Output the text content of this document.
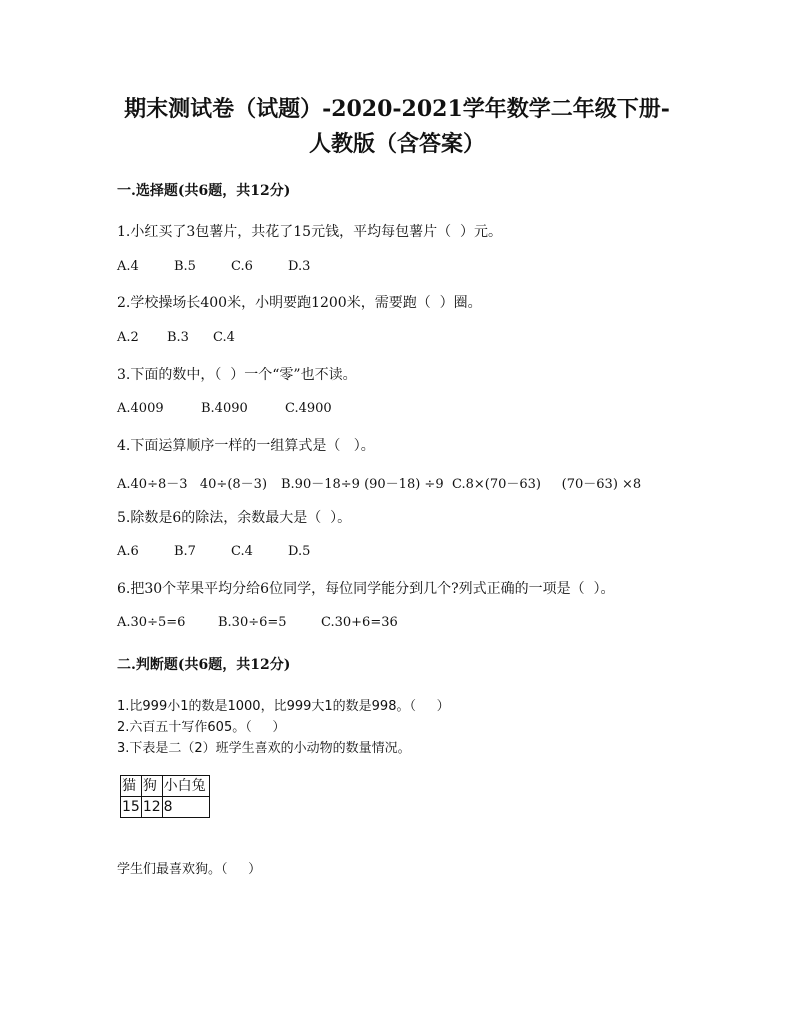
期末测试卷（试题）-2020-2021学年数学二年级下册-
人教版（含答案）
一.选择题(共6题，共12分)
1.小红买了3包薯片，共花了15元钱，平均每包薯片（  ）元。
A.4	B.5	C.6	D.3
2.学校操场长400米，小明要跑1200米，需要跑（  ）圈。
A.2 B.3 C.4
3.下面的数中，（  ）一个“零”也不读。
A.4009	B.4090	C.4900
4.下面运算顺序一样的一组算式是（   ）。
A.40÷8－3   40÷(8－3) B.90－18÷9 (90－18) ÷9 C.8×(70－63)     (70－63) ×8
5.除数是6的除法，余数最大是（  ）。
A.6	B.7	C.4	D.5
6.把30个苹果平均分给6位同学，每位同学能分到几个?列式正确的一项是（  ）。
A.30÷5=6	B.30÷6=5	C.30+6=36
二.判断题(共6题，共12分)
1.比999小1的数是1000，比999大1的数是998。（     ）
2.六百五十写作605。（     ）
3.下表是二（2）班学生喜欢的小动物的数量情况。
猫	狗	小白兔
15	12	8
学生们最喜欢狗。（     ）
